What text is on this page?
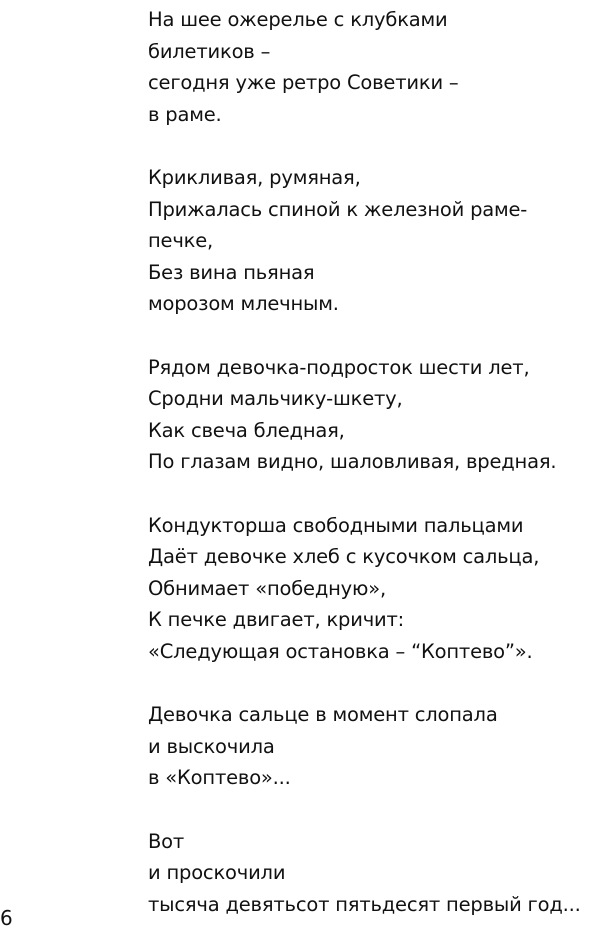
На шее ожерелье с клубками
билетиков –
сегодня уже ретро Советики –
в раме.
Крикливая, румяная,
Прижалась спиной к железной раме-
печке,
Без вина пьяная
морозом млечным.
Рядом девочка-подросток шести лет,
Сродни мальчику-шкету,
Как свеча бледная,
По глазам видно, шаловливая, вредная.
Кондукторша свободными пальцами
Даёт девочке хлеб с кусочком сальца,
Обнимает «победную»,
К печке двигает, кричит:
«Следующая остановка – “Коптево”».
Девочка сальце в момент слопала
и выскочила
в «Коптево»...
Вот
и проскочили
тысяча девятьсот пятьдесят первый год...
6
